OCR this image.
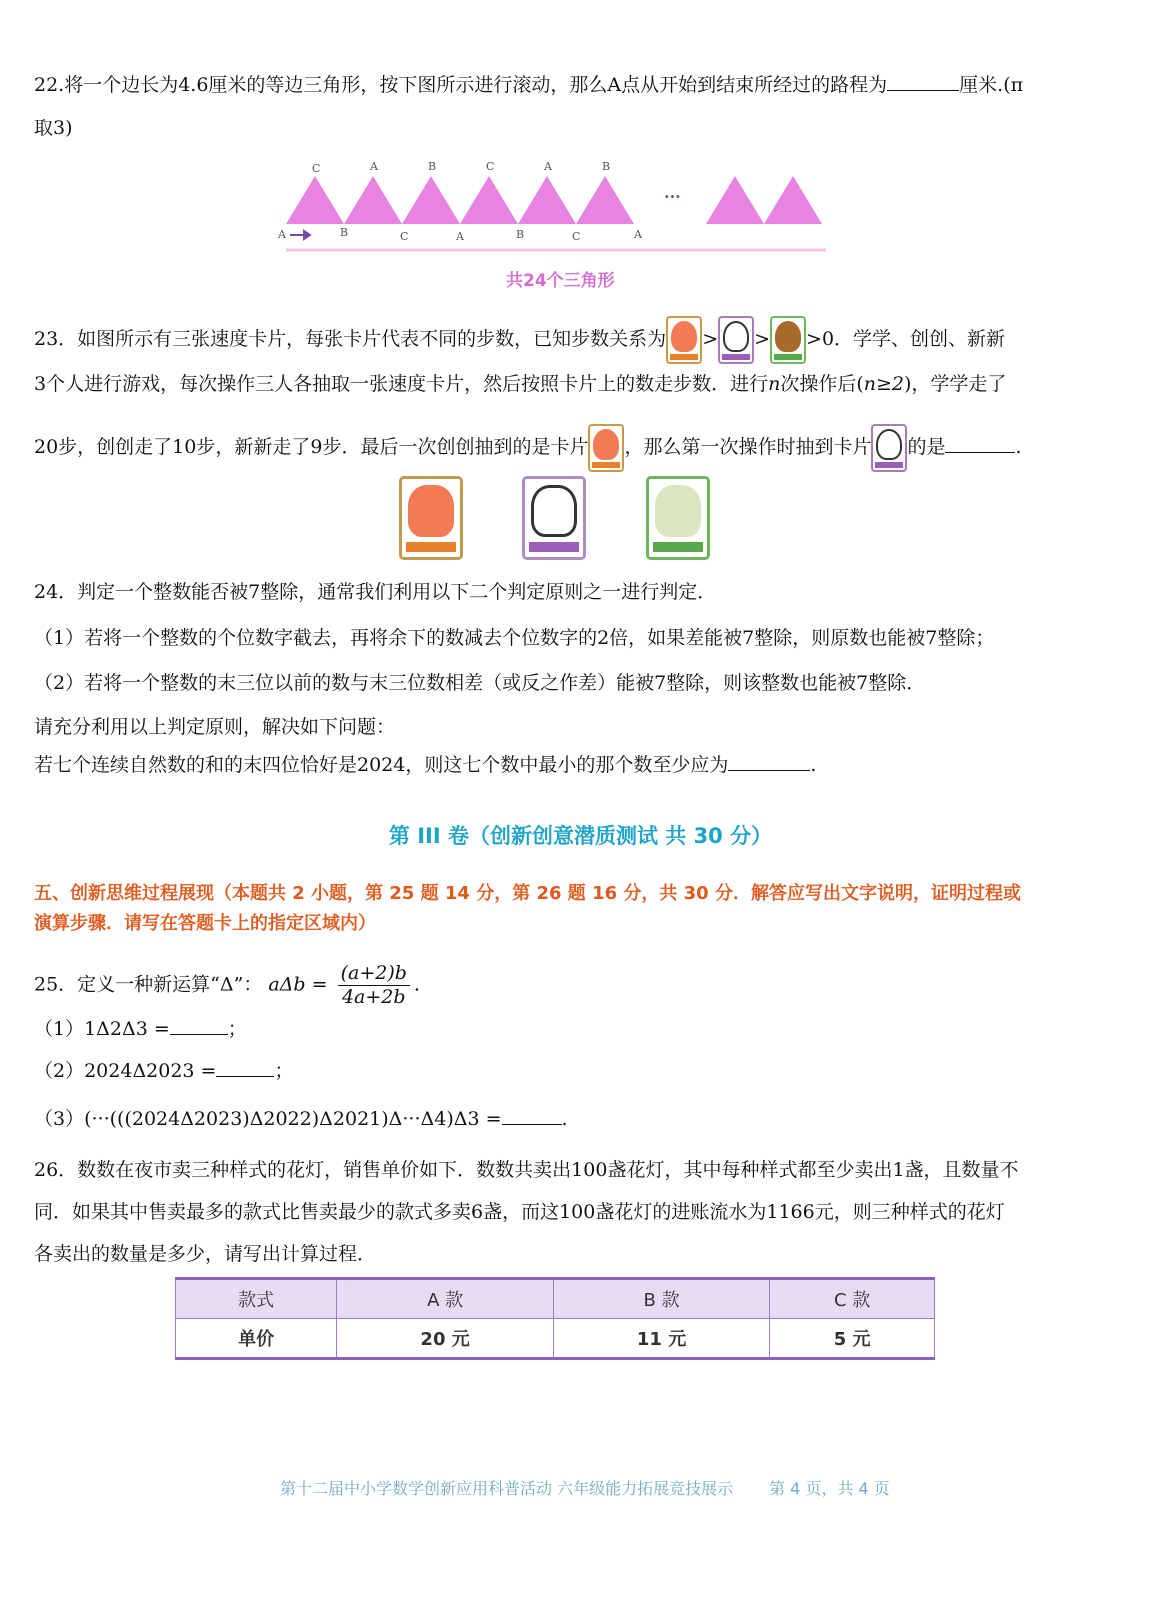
22.将一个边长为4.6厘米的等边三角形，按下图所示进行滚动，那么A点从开始到结束所经过的路程为	厘米.(π
取3)
C	A	B	C	A	B
A	B	C	A	B	C	A
···
共24个三角形
23．如图所示有三张速度卡片，每张卡片代表不同的步数，已知步数关系为 > > >0．学学、创创、新新
3个人进行游戏，每次操作三人各抽取一张速度卡片，然后按照卡片上的数走步数．进行n次操作后(n≥2)，学学走了
20步，创创走了10步，新新走了9步．最后一次创创抽到的是卡片 ，那么第一次操作时抽到卡片 的是	.
24．判定一个整数能否被7整除，通常我们利用以下二个判定原则之一进行判定．
（1）若将一个整数的个位数字截去，再将余下的数减去个位数字的2倍，如果差能被7整除，则原数也能被7整除；
（2）若将一个整数的末三位以前的数与末三位数相差（或反之作差）能被7整除，则该整数也能被7整除．
请充分利用以上判定原则，解决如下问题：
若七个连续自然数的和的末四位恰好是2024，则这七个数中最小的那个数至少应为	.
第 III 卷（创新创意潜质测试 共 30 分）
五、创新思维过程展现（本题共 2 小题，第 25 题 14 分，第 26 题 16 分，共 30 分．解答应写出文字说明，证明过程或
演算步骤．请写在答题卡上的指定区域内）
25．定义一种新运算“Δ”： $a\Delta b = \frac{(a+2)b}{4a+2b}$ .
（1）1Δ2Δ3 =	；
（2）2024Δ2023 =	；
（3）(···(((2024Δ2023)Δ2022)Δ2021)Δ···Δ4)Δ3 =	.
26．数数在夜市卖三种样式的花灯，销售单价如下．数数共卖出100盏花灯，其中每种样式都至少卖出1盏，且数量不
同．如果其中售卖最多的款式比售卖最少的款式多卖6盏，而这100盏花灯的进账流水为1166元，则三种样式的花灯
各卖出的数量是多少，请写出计算过程．
款式	A 款	B 款	C 款
单价	20 元	11 元	5 元
第十二届中小学数学创新应用科普活动 六年级能力拓展竞技展示 第 4 页，共 4 页
